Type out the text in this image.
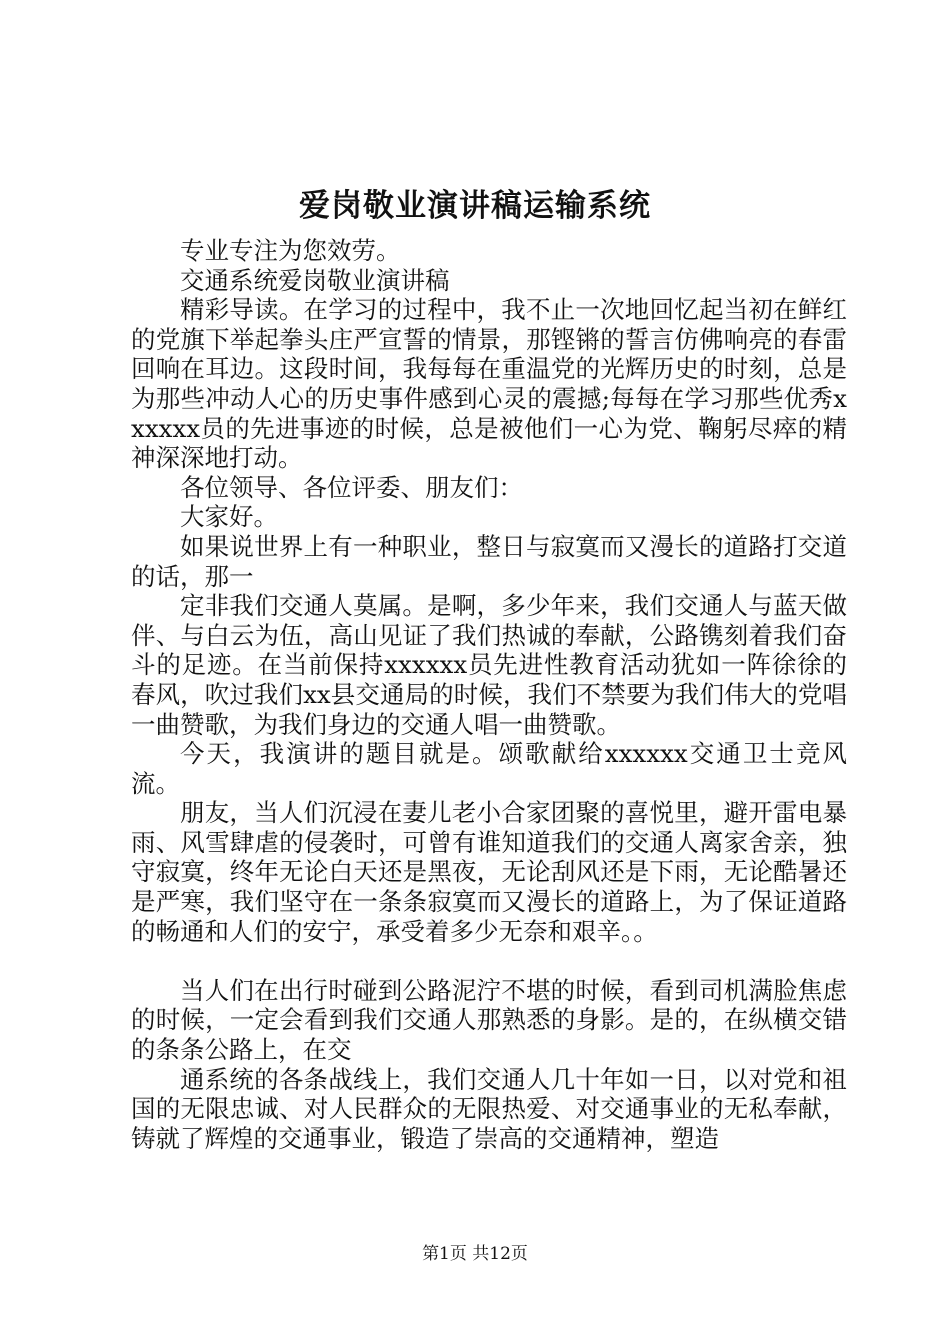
爱岗敬业演讲稿运输系统

专业专注为您效劳。

交通系统爱岗敬业演讲稿

精彩导读。在学习的过程中，我不止一次地回忆起当初在鲜红的党旗下举起拳头庄严宣誓的情景，那铿锵的誓言仿佛响亮的春雷回响在耳边。这段时间，我每每在重温党的光辉历史的时刻，总是为那些冲动人心的历史事件感到心灵的震撼;每每在学习那些优秀xxxxxx员的先进事迹的时候，总是被他们一心为党、鞠躬尽瘁的精神深深地打动。

各位领导、各位评委、朋友们：

大家好。

如果说世界上有一种职业，整日与寂寞而又漫长的道路打交道的话，那一

定非我们交通人莫属。是啊，多少年来，我们交通人与蓝天做伴、与白云为伍，高山见证了我们热诚的奉献，公路镌刻着我们奋斗的足迹。在当前保持xxxxxx员先进性教育活动犹如一阵徐徐的春风，吹过我们xx县交通局的时候，我们不禁要为我们伟大的党唱一曲赞歌，为我们身边的交通人唱一曲赞歌。

今天，我演讲的题目就是。颂歌献给xxxxxx交通卫士竞风流。

朋友，当人们沉浸在妻儿老小合家团聚的喜悦里，避开雷电暴雨、风雪肆虐的侵袭时，可曾有谁知道我们的交通人离家舍亲，独守寂寞，终年无论白天还是黑夜，无论刮风还是下雨，无论酷暑还是严寒，我们坚守在一条条寂寞而又漫长的道路上，为了保证道路的畅通和人们的安宁，承受着多少无奈和艰辛。。

当人们在出行时碰到公路泥泞不堪的时候，看到司机满脸焦虑的时候，一定会看到我们交通人那熟悉的身影。是的，在纵横交错的条条公路上，在交

通系统的各条战线上，我们交通人几十年如一日，以对党和祖国的无限忠诚、对人民群众的无限热爱、对交通事业的无私奉献，铸就了辉煌的交通事业，锻造了崇高的交通精神，塑造

第1页 共12页
